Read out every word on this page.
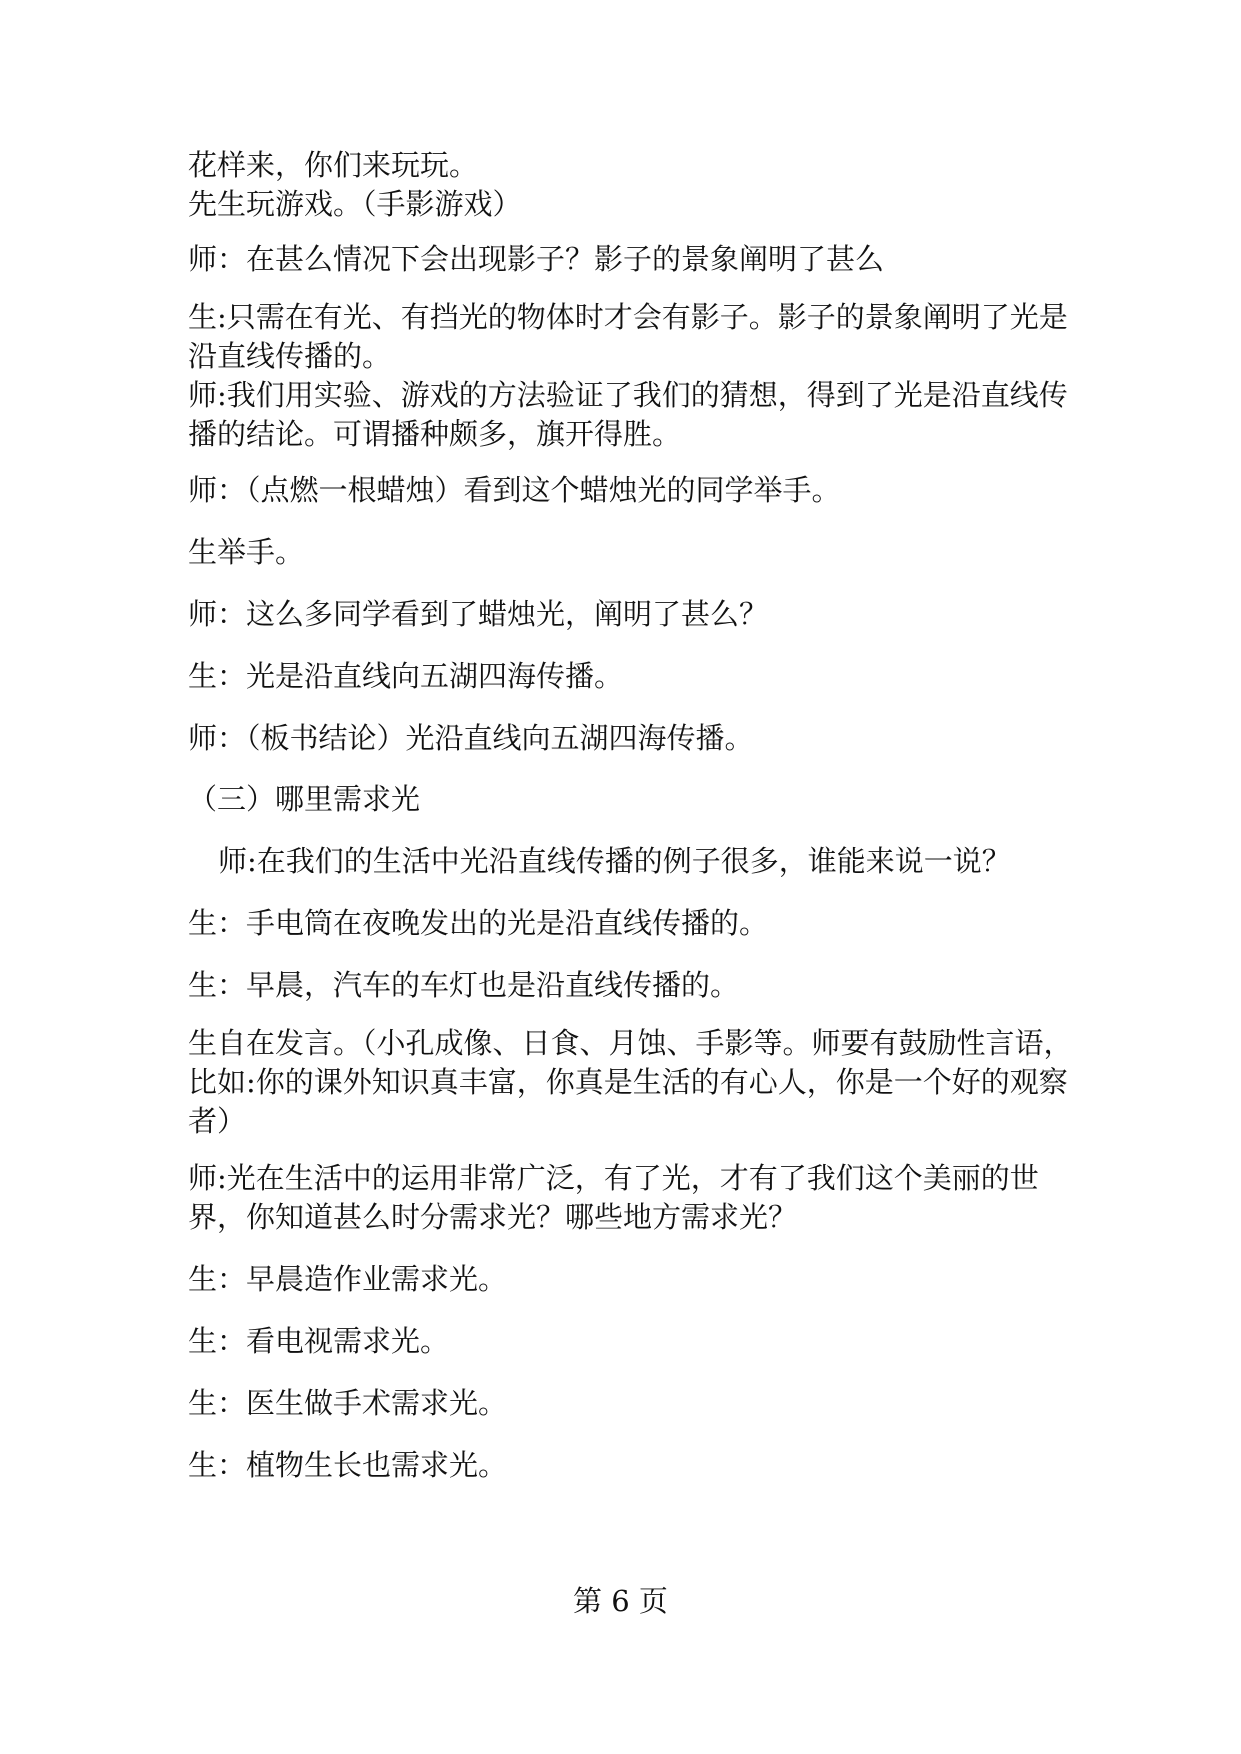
花样来，你们来玩玩。

先生玩游戏。（手影游戏）

师：在甚么情况下会出现影子？影子的景象阐明了甚么

生:只需在有光、有挡光的物体时才会有影子。影子的景象阐明了光是沿直线传播的。

师:我们用实验、游戏的方法验证了我们的猜想，得到了光是沿直线传播的结论。可谓播种颇多，旗开得胜。

师：（点燃一根蜡烛）看到这个蜡烛光的同学举手。

生举手。

师：这么多同学看到了蜡烛光，阐明了甚么？

生：光是沿直线向五湖四海传播。

师：（板书结论）光沿直线向五湖四海传播。

（三）哪里需求光

师:在我们的生活中光沿直线传播的例子很多，谁能来说一说？

生：手电筒在夜晚发出的光是沿直线传播的。

生：早晨，汽车的车灯也是沿直线传播的。

生自在发言。（小孔成像、日食、月蚀、手影等。师要有鼓励性言语，比如:你的课外知识真丰富，你真是生活的有心人，你是一个好的观察者）

师:光在生活中的运用非常广泛，有了光，才有了我们这个美丽的世界，你知道甚么时分需求光？哪些地方需求光？

生：早晨造作业需求光。

生：看电视需求光。

生：医生做手术需求光。

生：植物生长也需求光。

第 6 页
